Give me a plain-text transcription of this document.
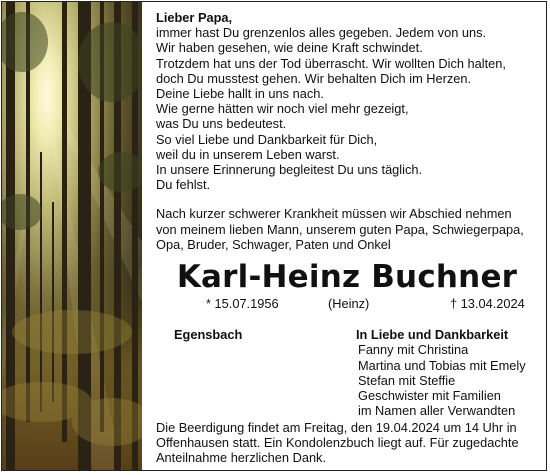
Lieber Papa,

immer hast Du grenzenlos alles gegeben. Jedem von uns.

Wir haben gesehen, wie deine Kraft schwindet.

Trotzdem hat uns der Tod überrascht. Wir wollten Dich halten,

doch Du musstest gehen. Wir behalten Dich im Herzen.

Deine Liebe hallt in uns nach.

Wie gerne hätten wir noch viel mehr gezeigt,

was Du uns bedeutest.

So viel Liebe und Dankbarkeit für Dich,

weil du in unserem Leben warst.

In unsere Erinnerung begleitest Du uns täglich.

Du fehlst.

Nach kurzer schwerer Krankheit müssen wir Abschied nehmen
von meinem lieben Mann, unserem guten Papa, Schwiegerpapa,
Opa, Bruder, Schwager, Paten und Onkel
Karl-Heinz Buchner
* 15.07.1956	(Heinz)	† 13.04.2024
Egensbach	In Liebe und Dankbarkeit
Fanny mit Christina
Martina und Tobias mit Emely
Stefan mit Steffie
Geschwister mit Familien
im Namen aller Verwandten
Die Beerdigung findet am Freitag, den 19.04.2024 um 14 Uhr in
Offenhausen statt. Ein Kondolenzbuch liegt auf. Für zugedachte
Anteilnahme herzlichen Dank.
